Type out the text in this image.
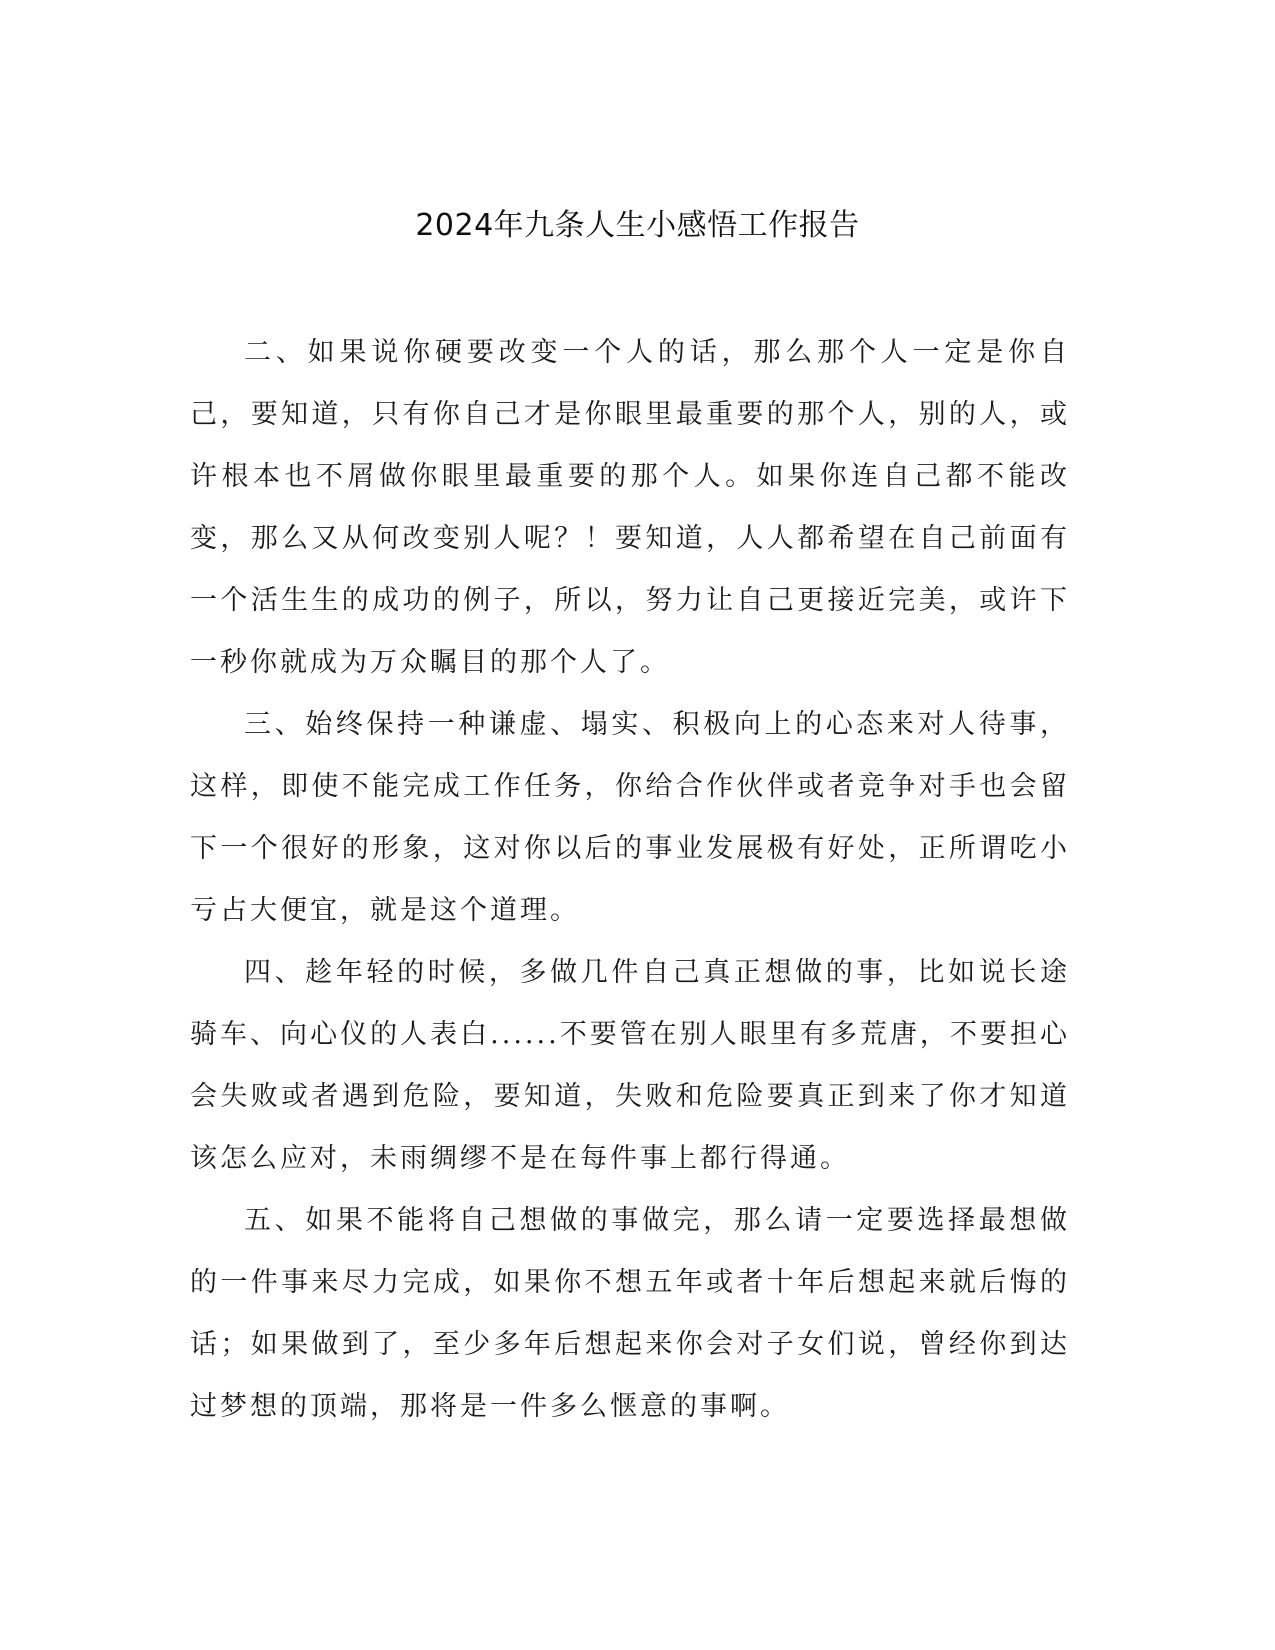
2024年九条人生小感悟工作报告

二、如果说你硬要改变一个人的话，那么那个人一定是你自己，要知道，只有你自己才是你眼里最重要的那个人，别的人，或许根本也不屑做你眼里最重要的那个人。如果你连自己都不能改变，那么又从何改变别人呢？！要知道，人人都希望在自己前面有一个活生生的成功的例子，所以，努力让自己更接近完美，或许下一秒你就成为万众瞩目的那个人了。

三、始终保持一种谦虚、塌实、积极向上的心态来对人待事，这样，即使不能完成工作任务，你给合作伙伴或者竞争对手也会留下一个很好的形象，这对你以后的事业发展极有好处，正所谓吃小亏占大便宜，就是这个道理。

四、趁年轻的时候，多做几件自己真正想做的事，比如说长途骑车、向心仪的人表白......不要管在别人眼里有多荒唐，不要担心会失败或者遇到危险，要知道，失败和危险要真正到来了你才知道该怎么应对，未雨绸缪不是在每件事上都行得通。

五、如果不能将自己想做的事做完，那么请一定要选择最想做的一件事来尽力完成，如果你不想五年或者十年后想起来就后悔的话；如果做到了，至少多年后想起来你会对子女们说，曾经你到达过梦想的顶端，那将是一件多么惬意的事啊。
